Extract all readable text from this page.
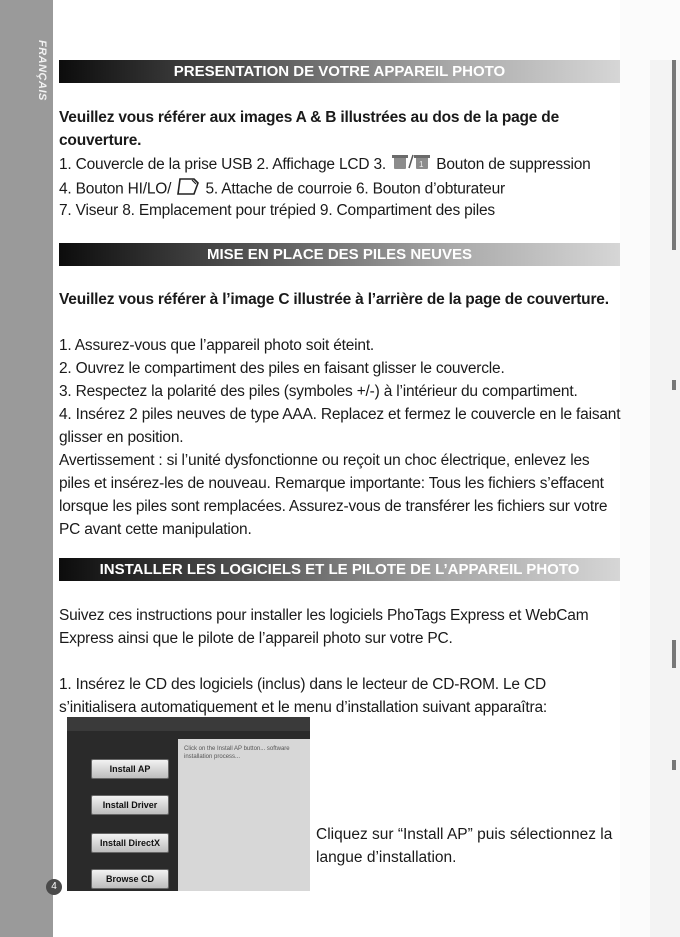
FRANÇAIS
4
PRESENTATION DE VOTRE APPAREIL PHOTO
Veuillez vous référer aux images A & B illustrées au dos de la page de
couverture.
1. Couvercle de la prise USB 2. Affichage LCD 3.	1 Bouton de suppression
4. Bouton HI/LO/ 5. Attache de courroie 6. Bouton d’obturateur
7. Viseur 8. Emplacement pour trépied 9. Compartiment des piles
MISE EN PLACE DES PILES NEUVES
Veuillez vous référer à l’image C illustrée à l’arrière de la page de couverture.
1. Assurez-vous que l’appareil photo soit éteint.
2. Ouvrez le compartiment des piles en faisant glisser le couvercle.
3. Respectez la polarité des piles (symboles +/-) à l’intérieur du compartiment.
4. Insérez 2 piles neuves de type AAA. Replacez et fermez le couvercle en le faisant
glisser en position.
Avertissement : si l’unité dysfonctionne ou reçoit un choc électrique, enlevez les
piles et insérez-les de nouveau. Remarque importante: Tous les fichiers s’effacent
lorsque les piles sont remplacées. Assurez-vous de transférer les fichiers sur votre
PC avant cette manipulation.
INSTALLER LES LOGICIELS ET LE PILOTE DE L’APPAREIL PHOTO
Suivez ces instructions pour installer les logiciels PhoTags Express et WebCam
Express ainsi que le pilote de l’appareil photo sur votre PC.
1. Insérez le CD des logiciels (inclus) dans le lecteur de CD-ROM. Le CD
s’initialisera automatiquement et le menu d’installation suivant apparaîtra:
Click on the Install AP button... software installation process...
Install AP
Install Driver
Install DirectX
Browse CD
Cliquez sur “Install AP” puis sélectionnez la
langue d’installation.
